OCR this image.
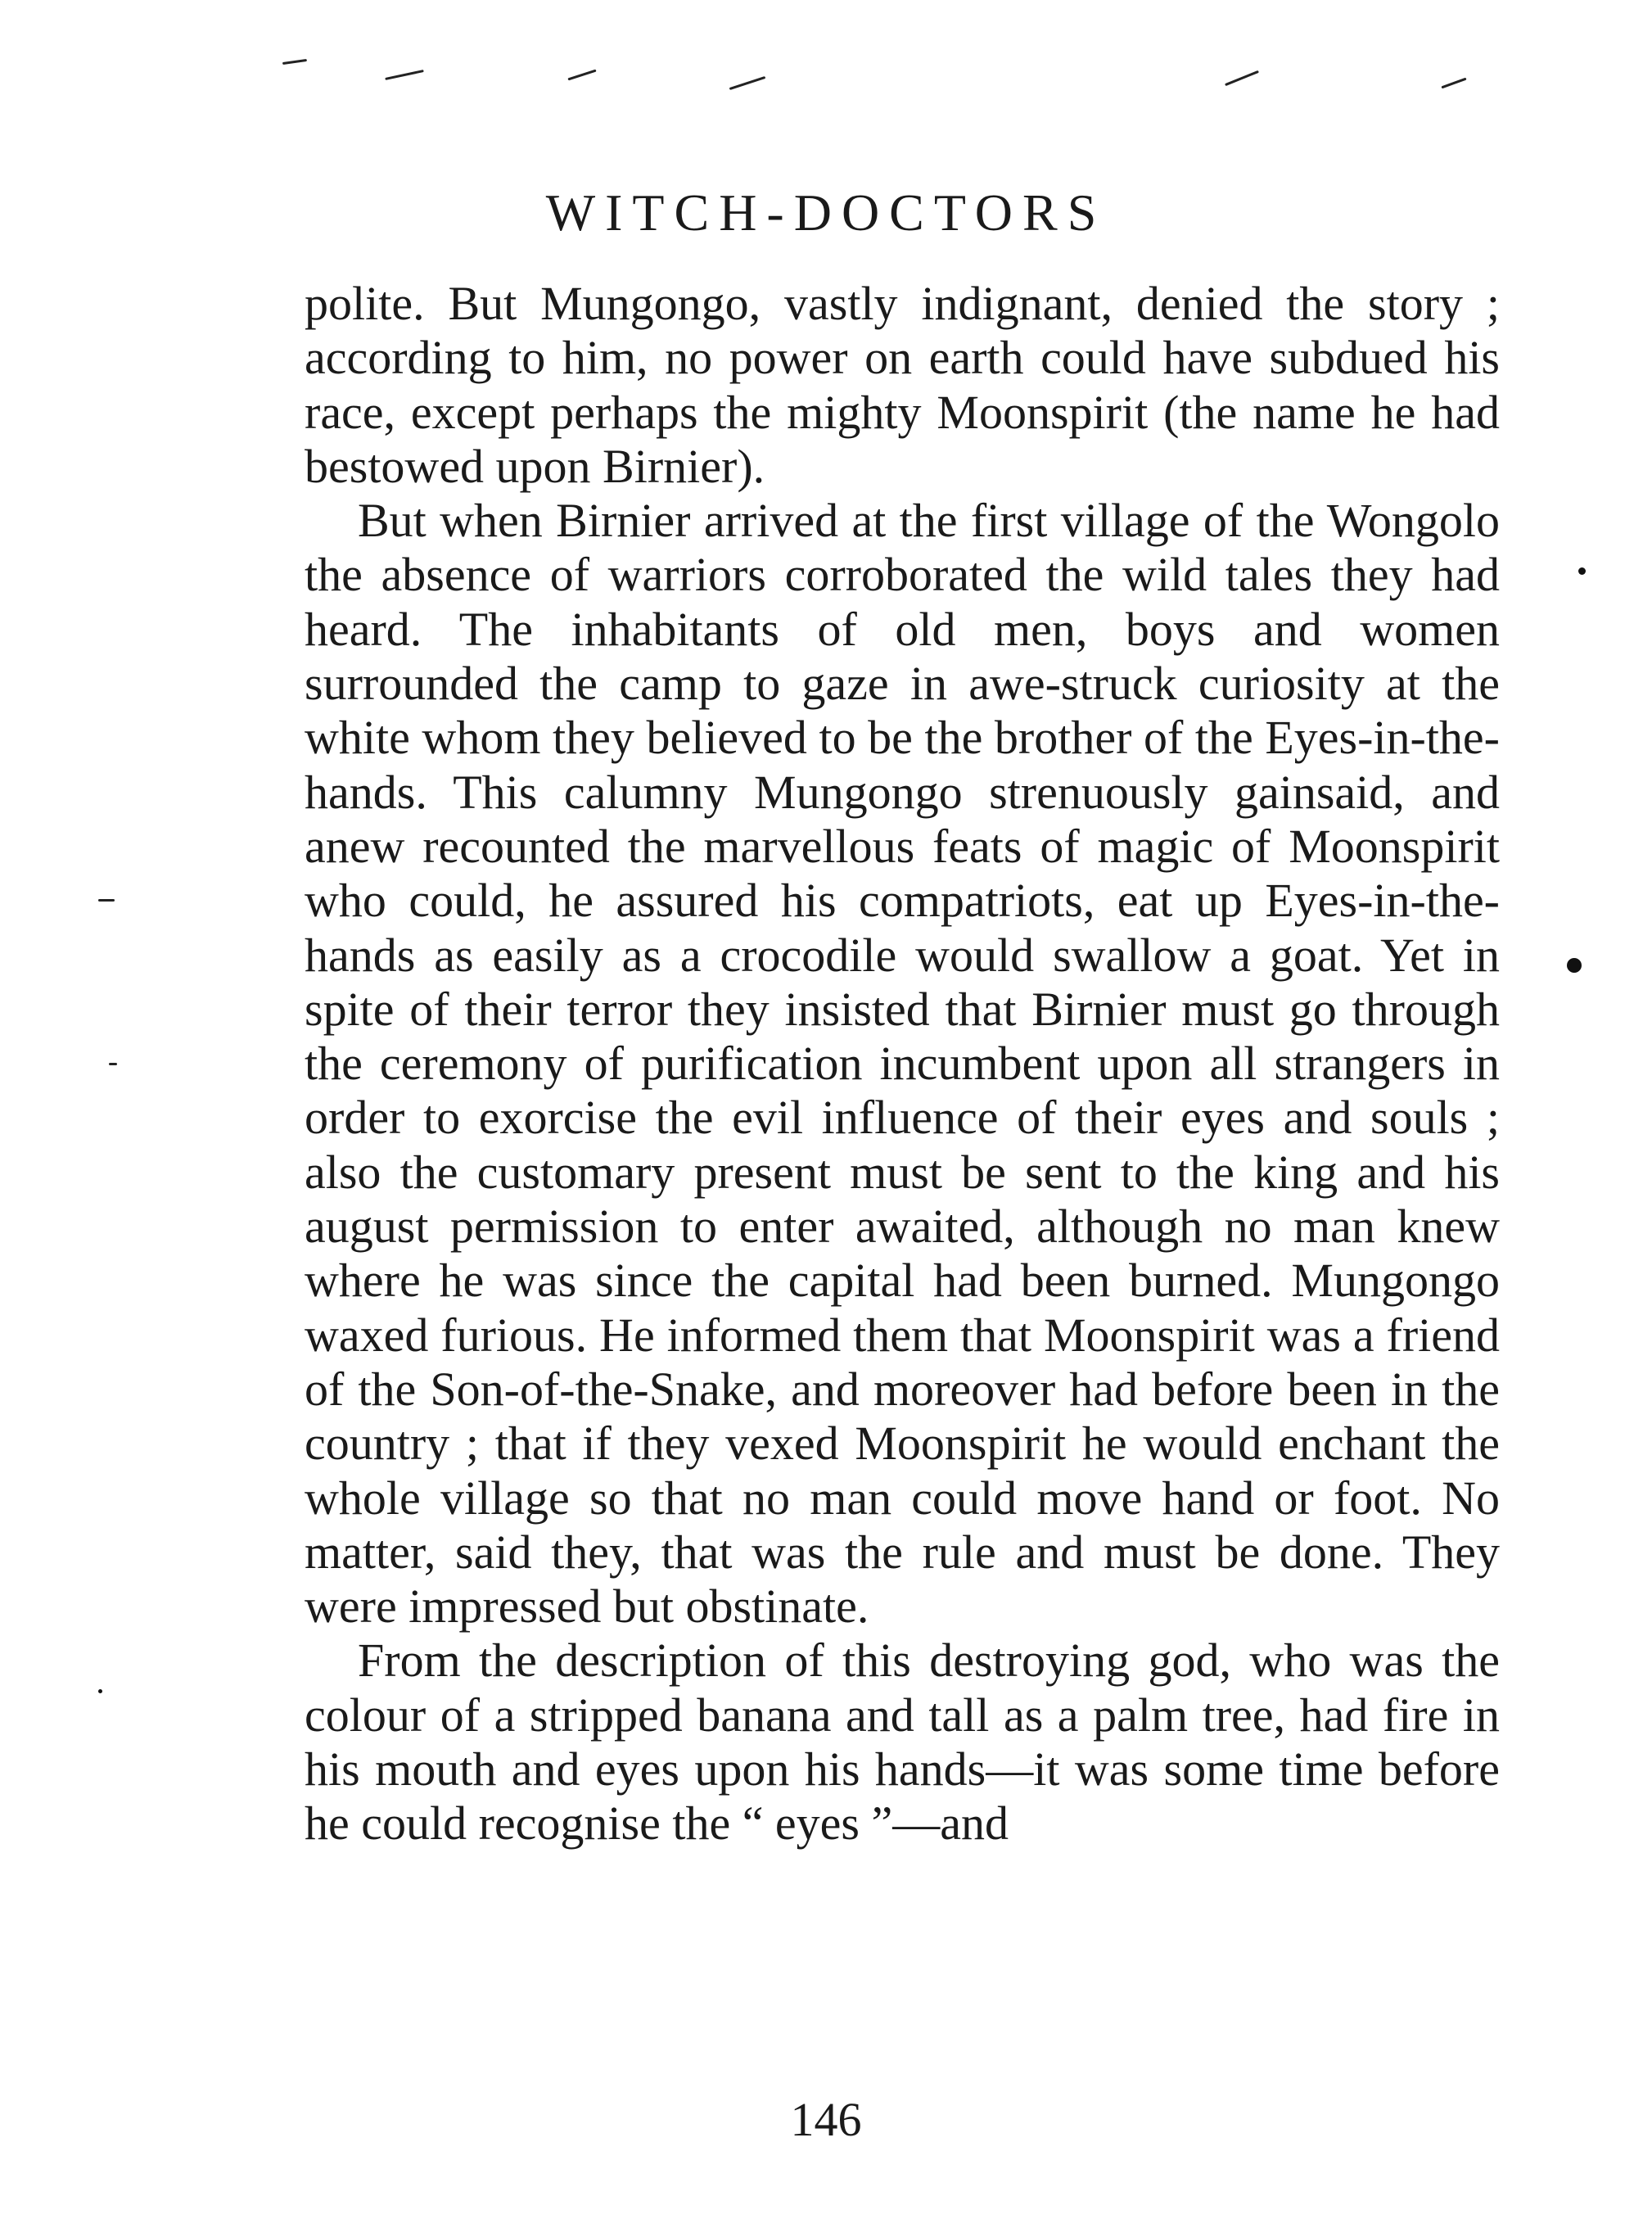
WITCH-DOCTORS

polite. But Mungongo, vastly indignant, denied the story ; according to him, no power on earth could have subdued his race, except perhaps the mighty Moonspirit (the name he had bestowed upon Birnier).

But when Birnier arrived at the first village of the Wongolo the absence of warriors corroborated the wild tales they had heard. The inhabitants of old men, boys and women surrounded the camp to gaze in awe-struck curiosity at the white whom they believed to be the brother of the Eyes-in-the-hands. This calumny Mungongo strenuously gainsaid, and anew recounted the marvellous feats of magic of Moonspirit who could, he assured his compatriots, eat up Eyes-in-the-hands as easily as a crocodile would swallow a goat. Yet in spite of their terror they insisted that Birnier must go through the ceremony of purification incumbent upon all strangers in order to exorcise the evil influence of their eyes and souls ; also the customary present must be sent to the king and his august permission to enter awaited, although no man knew where he was since the capital had been burned. Mungongo waxed furious. He informed them that Moonspirit was a friend of the Son-of-the-Snake, and moreover had before been in the country ; that if they vexed Moonspirit he would enchant the whole village so that no man could move hand or foot. No matter, said they, that was the rule and must be done. They were impressed but obstinate.

From the description of this destroying god, who was the colour of a stripped banana and tall as a palm tree, had fire in his mouth and eyes upon his hands—it was some time before he could recognise the “ eyes ”—and

146
